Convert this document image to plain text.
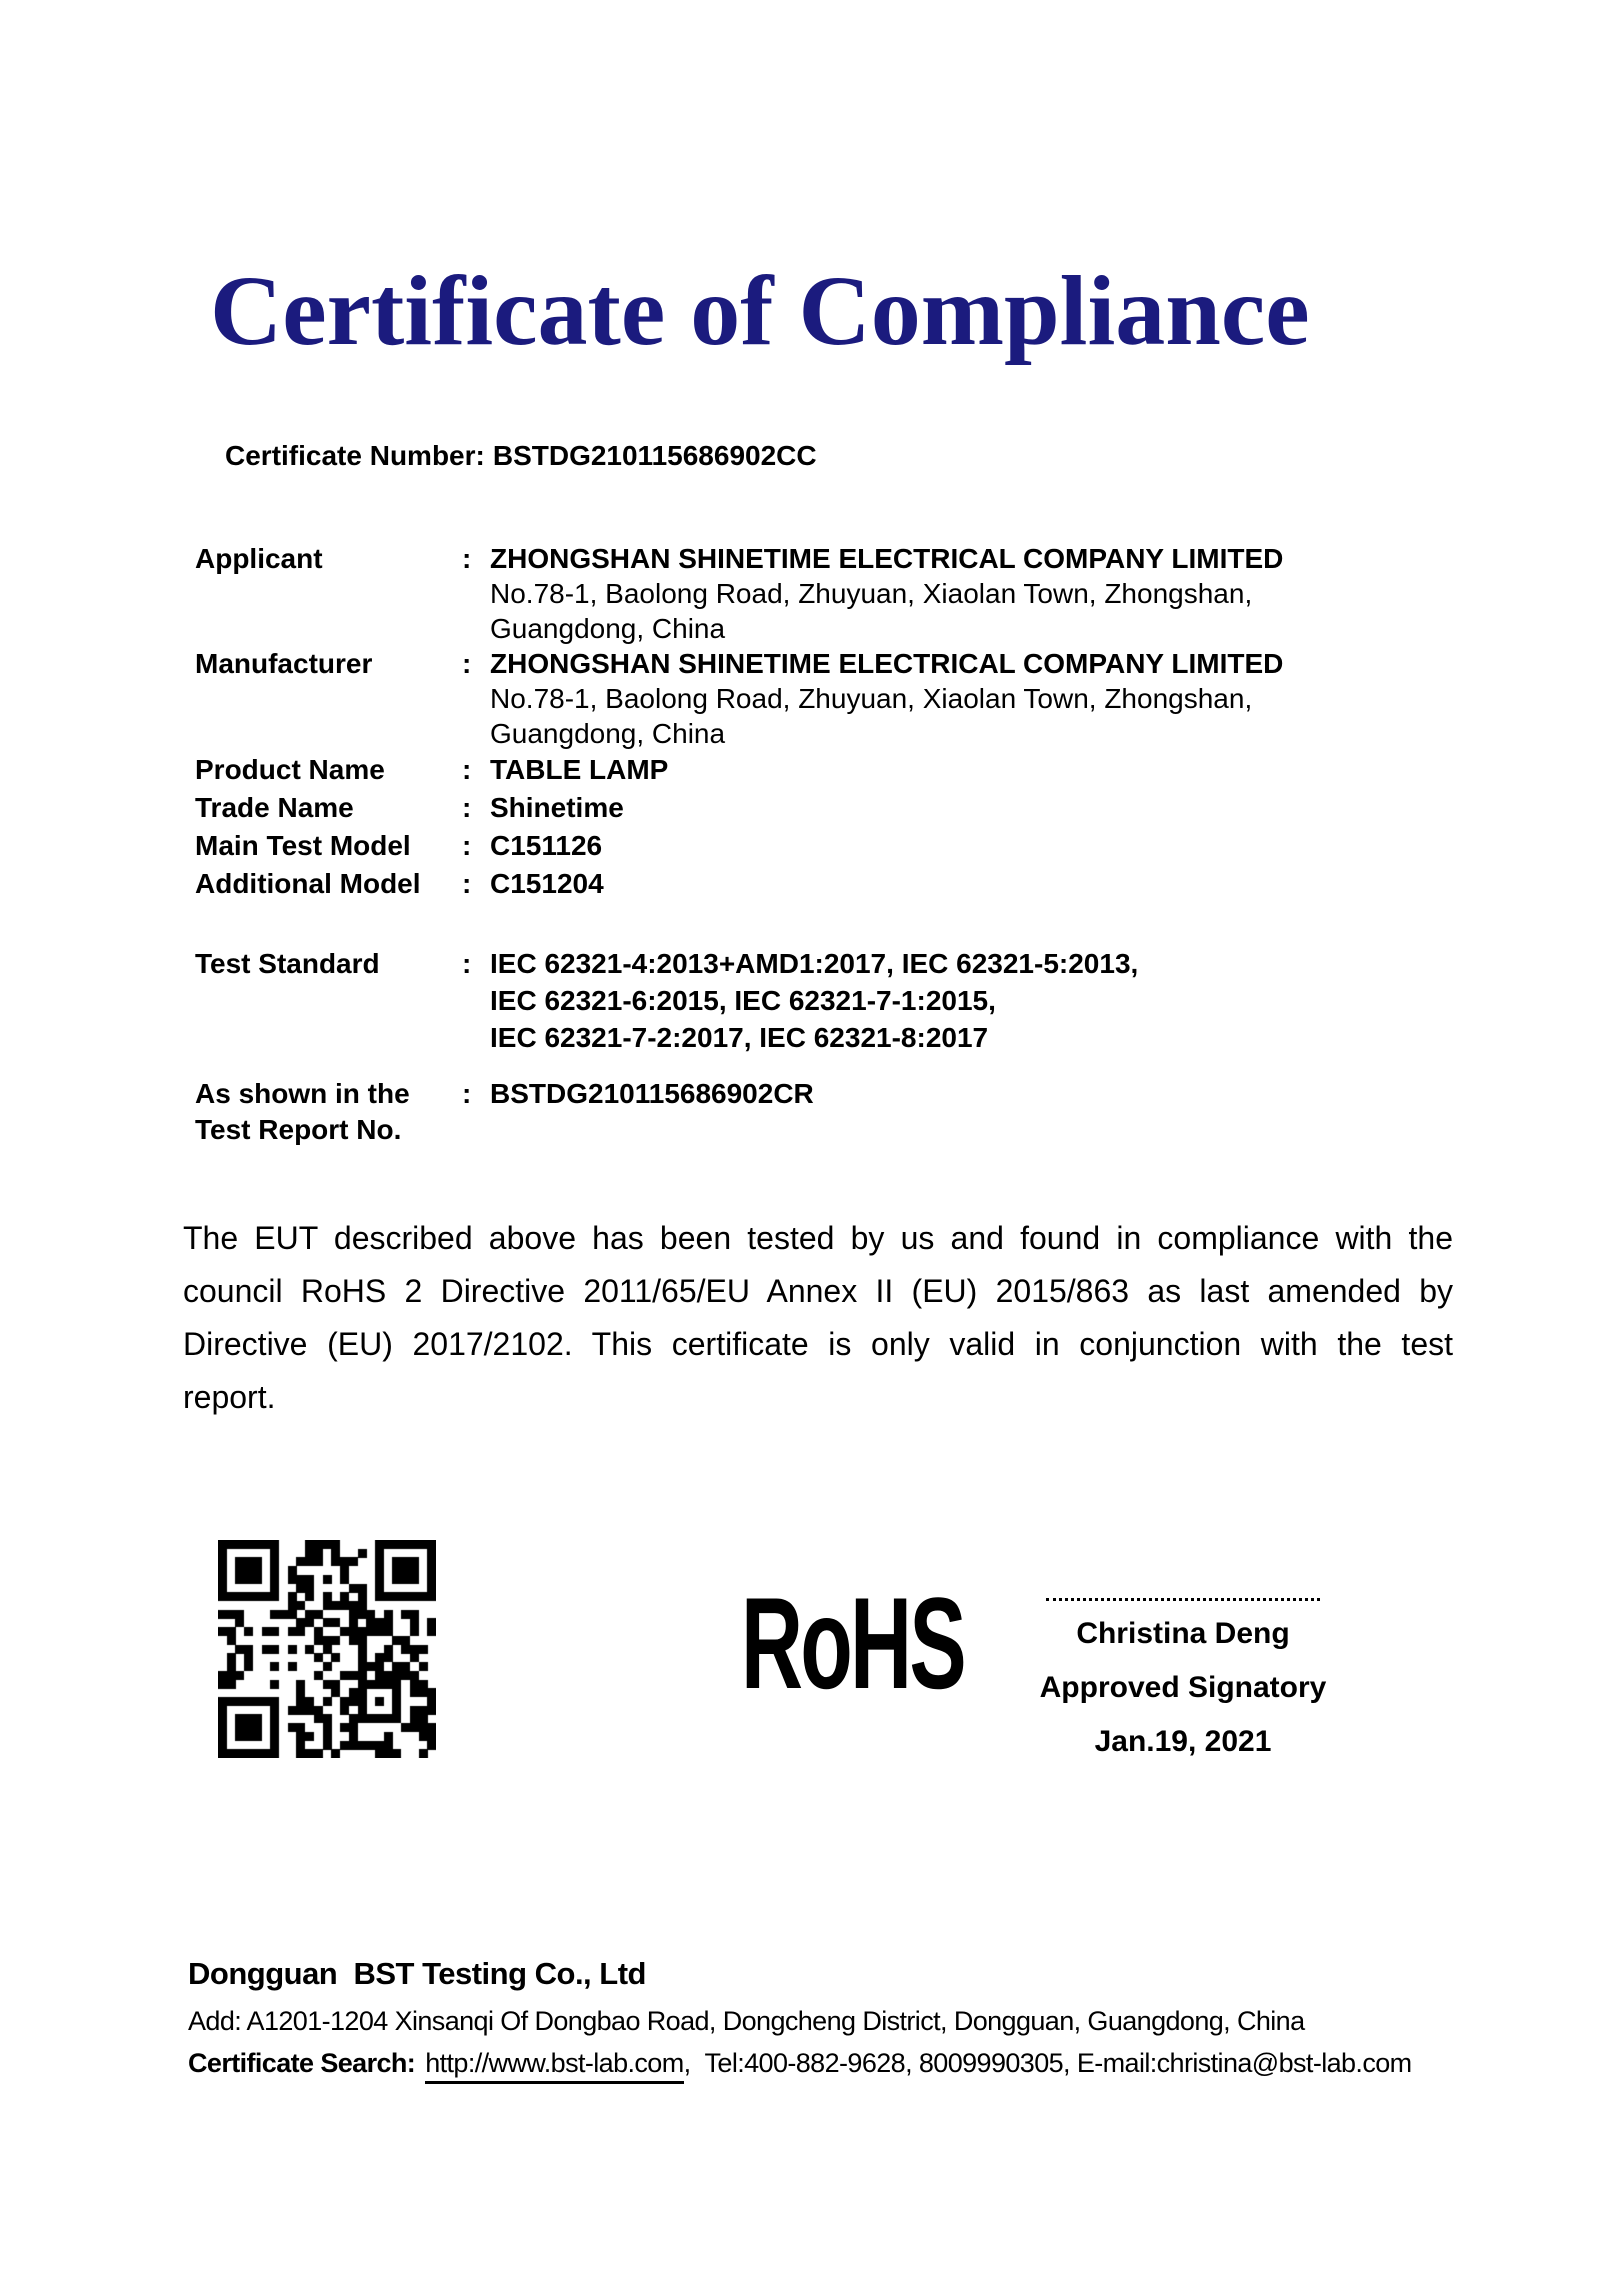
Certificate of Compliance
Certificate Number: BSTDG210115686902CC
Applicant	: ZHONGSHAN SHINETIME ELECTRICAL COMPANY LIMITED
No.78-1, Baolong Road, Zhuyuan, Xiaolan Town, Zhongshan,
Guangdong, China
Manufacturer	: ZHONGSHAN SHINETIME ELECTRICAL COMPANY LIMITED
No.78-1, Baolong Road, Zhuyuan, Xiaolan Town, Zhongshan,
Guangdong, China
Product Name	: TABLE LAMP
Trade Name	: Shinetime
Main Test Model	: C151126
Additional Model	: C151204
Test Standard	: IEC 62321-4:2013+AMD1:2017, IEC 62321-5:2013,
IEC 62321-6:2015, IEC 62321-7-1:2015,
IEC 62321-7-2:2017, IEC 62321-8:2017
As shown in the
Test Report No.
: BSTDG210115686902CR
The EUT described above has been tested by us and found in compliance with the council RoHS 2 Directive 2011/65/EU Annex II (EU) 2015/863 as last amended by Directive (EU) 2017/2102. This certificate is only valid in conjunction with the test report.
RoHS	Christina Deng
Approved Signatory
Jan.19, 2021
Dongguan  BST Testing Co., Ltd
Add: A1201-1204 Xinsanqi Of Dongbao Road, Dongcheng District, Dongguan, Guangdong, China
Certificate Search: http://www.bst-lab.com, Tel:400-882-9628, 8009990305, E-mail:christina@bst-lab.com
